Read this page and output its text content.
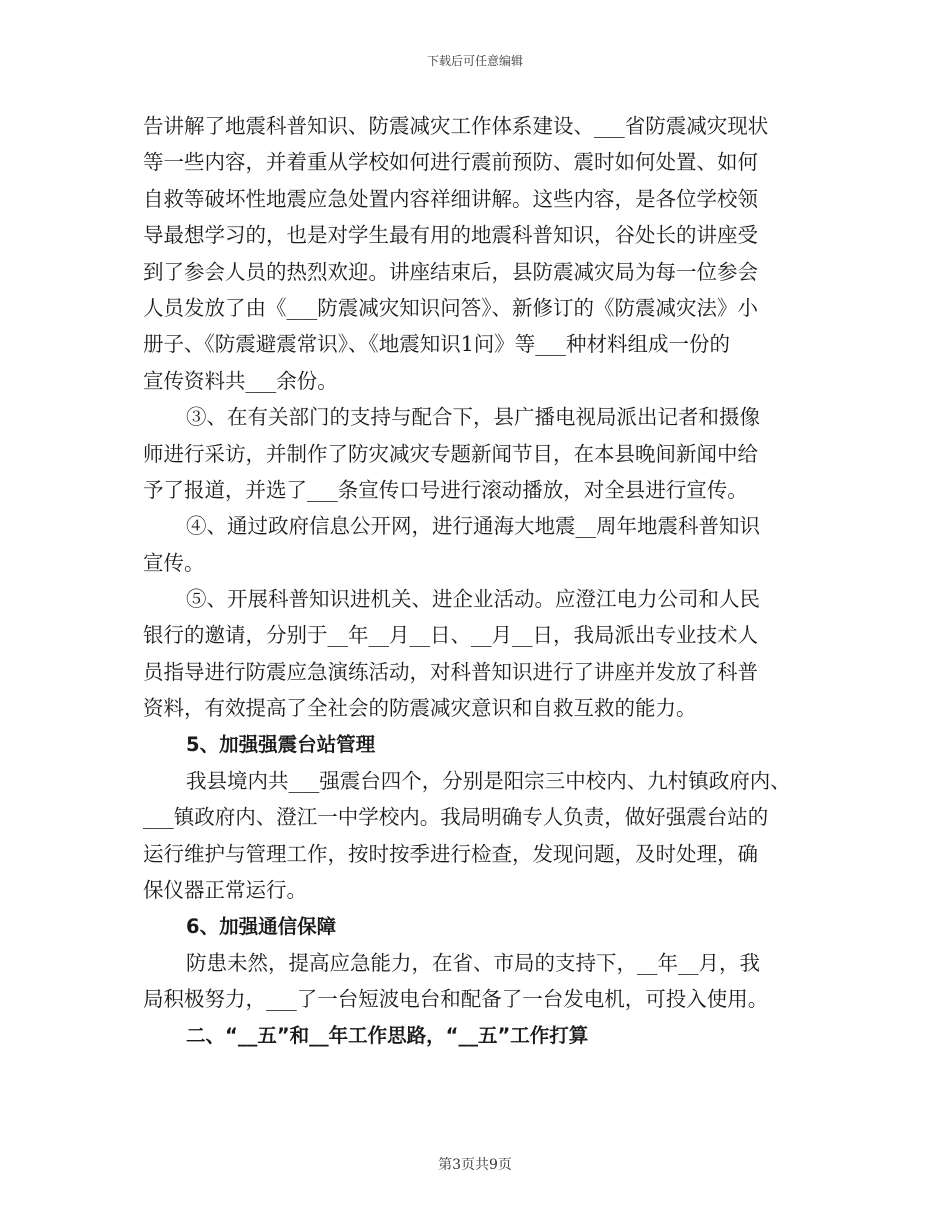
下载后可任意编辑
告讲解了地震科普知识、防震减灾工作体系建设、___省防震减灾现状
等一些内容，并着重从学校如何进行震前预防、震时如何处置、如何
自救等破坏性地震应急处置内容祥细讲解。这些内容，是各位学校领
导最想学习的，也是对学生最有用的地震科普知识，谷处长的讲座受
到了参会人员的热烈欢迎。讲座结束后，县防震减灾局为每一位参会
人员发放了由《___防震减灾知识问答》、新修订的《防震减灾法》小
册子、《防震避震常识》、《地震知识1问》等___种材料组成一份的
宣传资料共___余份。
③、在有关部门的支持与配合下，县广播电视局派出记者和摄像
师进行采访，并制作了防灾减灾专题新闻节目，在本县晚间新闻中给
予了报道，并选了___条宣传口号进行滚动播放，对全县进行宣传。
④、通过政府信息公开网，进行通海大地震__周年地震科普知识
宣传。
⑤、开展科普知识进机关、进企业活动。应澄江电力公司和人民
银行的邀请，分别于__年__月__日、__月__日，我局派出专业技术人
员指导进行防震应急演练活动，对科普知识进行了讲座并发放了科普
资料，有效提高了全社会的防震减灾意识和自救互救的能力。
5、加强强震台站管理
我县境内共___强震台四个，分别是阳宗三中校内、九村镇政府内、
___镇政府内、澄江一中学校内。我局明确专人负责，做好强震台站的
运行维护与管理工作，按时按季进行检查，发现问题，及时处理，确
保仪器正常运行。
6、加强通信保障
防患未然，提高应急能力，在省、市局的支持下，__年__月，我
局积极努力，___了一台短波电台和配备了一台发电机，可投入使用。
二、“__五”和__年工作思路，“__五”工作打算
第3页共9页
